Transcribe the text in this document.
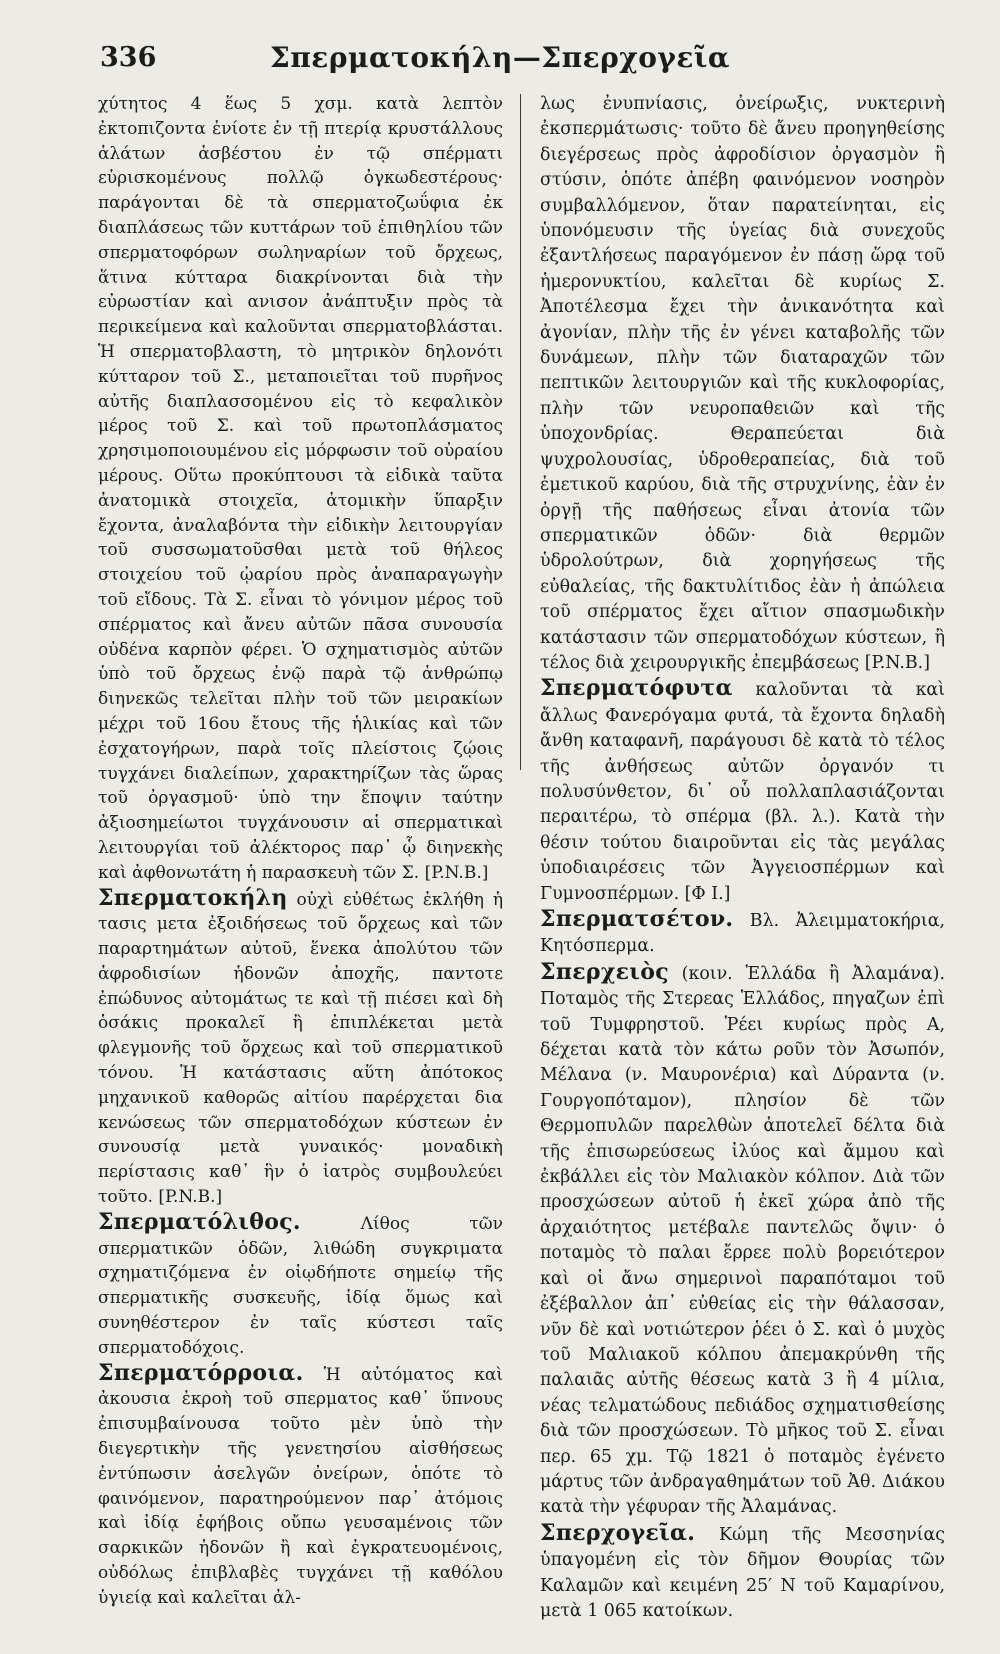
336	Σπερματοκήλη—Σπερχογεῖα

χύτητος 4 ἕως 5 χσμ. κατὰ λεπτὸν ἐκτοπιζοντα ἐνίοτε ἐν τῇ πτερίᾳ κρυστάλλους ἁλάτων ἀσβέστου ἐν τῷ σπέρματι εὑρισκομένους πολλῷ ὀγκωδεστέρους· παράγονται δὲ τὰ σπερματοζωΰφια ἐκ διαπλάσεως τῶν κυττάρων τοῦ ἐπιθηλίου τῶν σπερματοφόρων σωληναρίων τοῦ ὄρχεως, ἅτινα κύτταρα διακρίνονται διὰ τὴν εὐρωστίαν καὶ ανισον ἀνάπτυξιν πρὸς τὰ περικείμενα καὶ καλοῦνται σπερματοβλάσται. Ἡ σπερματοβλαστη, τὸ μητρικὸν δηλονότι κύτταρον τοῦ Σ., μεταποιεῖται τοῦ πυρῆνος αὐτῆς διαπλασσομένου εἰς τὸ κεφαλικὸν μέρος τοῦ Σ. καὶ τοῦ πρωτοπλάσματος χρησιμοποιουμένου εἰς μόρφωσιν τοῦ οὐραίου μέρους. Οὕτω προκύπτουσι τὰ εἰδικὰ ταῦτα ἀνατομικὰ στοιχεῖα, ἀτομικὴν ὕπαρξιν ἔχοντα, ἀναλαβόντα τὴν εἰδικὴν λειτουργίαν τοῦ συσσωματοῦσθαι μετὰ τοῦ θήλεος στοιχείου τοῦ ᾠαρίου πρὸς ἀναπαραγωγὴν τοῦ εἴδους. Τὰ Σ. εἶναι τὸ γόνιμον μέρος τοῦ σπέρματος καὶ ἄνευ αὐτῶν πᾶσα συνουσία οὐδένα καρπὸν φέρει. Ὁ σχηματισμὸς αὐτῶν ὑπὸ τοῦ ὄρχεως ἐνῷ παρὰ τῷ ἀνθρώπῳ διηνεκῶς τελεῖται πλὴν τοῦ τῶν μειρακίων μέχρι τοῦ 16ου ἔτους τῆς ἡλικίας καὶ τῶν ἐσχατογήρων, παρὰ τοῖς πλείστοις ζῴοις τυγχάνει διαλείπων, χαρακτηρίζων τὰς ὥρας τοῦ ὀργασμοῦ· ὑπὸ την ἔποψιν ταύτην ἀξιοσημείωτοι τυγχάνουσιν αἱ σπερματικαὶ λειτουργίαι τοῦ ἀλέκτορος παρ᾽ ᾧ διηνεκὴς καὶ ἀφθονωτάτη ἡ παρασκευὴ τῶν Σ. [P.N.B.]

Σπερματοκήλη οὐχὶ εὐθέτως ἐκλήθη ἡ τασις μετα ἐξοιδήσεως τοῦ ὄρχεως καὶ τῶν παραρτημάτων αὐτοῦ, ἕνεκα ἀπολύτου τῶν ἀφροδισίων ἡδονῶν ἀποχῆς, παντοτε ἐπώδυνος αὐτομάτως τε καὶ τῇ πιέσει καὶ δὴ ὁσάκις προκαλεῖ ἢ ἐπιπλέκεται μετὰ φλεγμονῆς τοῦ ὄρχεως καὶ τοῦ σπερματικοῦ τόνου. Ἡ κατάστασις αὕτη ἀπότοκος μηχανικοῦ καθορῶς αἰτίου παρέρχεται δια κενώσεως τῶν σπερματοδόχων κύστεων ἐν συνουσίᾳ μετὰ γυναικός· μοναδικὴ περίστασις καθ᾽ ἣν ὁ ἰατρὸς συμβουλεύει τοῦτο. [P.N.B.]

Σπερματόλιθος. Λίθος τῶν σπερματικῶν ὁδῶν, λιθώδη συγκριματα σχηματιζόμενα ἐν οἱῳδήποτε σημείῳ τῆς σπερματικῆς συσκευῆς, ἰδίᾳ ὅμως καὶ συνηθέστερον ἐν ταῖς κύστεσι ταῖς σπερματοδόχοις.

Σπερματόρροια. Ἡ αὐτόματος καὶ ἀκουσια ἐκροὴ τοῦ σπερματος καθ᾽ ὕπνους ἐπισυμβαίνουσα τοῦτο μὲν ὑπὸ τὴν διεγερτικὴν τῆς γενετησίου αἰσθήσεως ἐντύπωσιν ἀσελγῶν ὀνείρων, ὁπότε τὸ φαινόμενον, παρατηρούμενον παρ᾽ ἀτόμοις καὶ ἰδίᾳ ἐφήβοις οὔπω γευσαμένοις τῶν σαρκικῶν ἡδονῶν ἢ καὶ ἐγκρατευομένοις, οὐδόλως ἐπιβλαβὲς τυγχάνει τῇ καθόλου ὑγιείᾳ καὶ καλεῖται ἀλ-

λως ἐνυπνίασις, ὀνείρωξις, νυκτερινὴ ἐκσπερμάτωσις· τοῦτο δὲ ἄνευ προηγηθείσης διεγέρσεως πρὸς ἀφροδίσιον ὀργασμὸν ἢ στύσιν, ὁπότε ἀπέβη φαινόμενον νοσηρὸν συμβαλλόμενον, ὅταν παρατείνηται, εἰς ὑπονόμευσιν τῆς ὑγείας διὰ συνεχοῦς ἐξαντλήσεως παραγόμενον ἐν πάσῃ ὥρᾳ τοῦ ἡμερονυκτίου, καλεῖται δὲ κυρίως Σ. Ἀποτέλεσμα ἔχει τὴν ἀνικανότητα καὶ ἀγονίαν, πλὴν τῆς ἐν γένει καταβολῆς τῶν δυνάμεων, πλὴν τῶν διαταραχῶν τῶν πεπτικῶν λειτουργιῶν καὶ τῆς κυκλοφορίας, πλὴν τῶν νευροπαθειῶν καὶ τῆς ὑποχονδρίας. Θεραπεύεται διὰ ψυχρολουσίας, ὑδροθεραπείας, διὰ τοῦ ἐμετικοῦ καρύου, διὰ τῆς στρυχνίνης, ἐὰν ἐν ὀργῇ τῆς παθήσεως εἶναι ἀτονία τῶν σπερματικῶν ὁδῶν· διὰ θερμῶν ὑδρολούτρων, διὰ χορηγήσεως τῆς εὐθαλείας, τῆς δακτυλίτιδος ἐὰν ἡ ἀπώλεια τοῦ σπέρματος ἔχει αἴτιον σπασμωδικὴν κατάστασιν τῶν σπερματοδόχων κύστεων, ἢ τέλος διὰ χειρουργικῆς ἐπεμβάσεως [P.N.B.]

Σπερματόφυτα καλοῦνται τὰ καὶ ἄλλως Φανερόγαμα φυτά, τὰ ἔχοντα δηλαδὴ ἄνθη καταφανῆ, παράγουσι δὲ κατὰ τὸ τέλος τῆς ἀνθήσεως αὐτῶν ὀργανόν τι πολυσύνθετον, δι᾽ οὗ πολλαπλασιάζονται περαιτέρω, τὸ σπέρμα (βλ. λ.). Κατὰ τὴν θέσιν τούτου διαιροῦνται εἰς τὰς μεγάλας ὑποδιαιρέσεις τῶν Ἀγγειοσπέρμων καὶ Γυμνοσπέρμων. [Φ Ι.]

Σπερματσέτον. Βλ. Ἀλειμματοκήρια, Κητόσπερμα.

Σπερχειὸς (κοιν. Ἑλλάδα ἢ Ἀλαμάνα). Ποταμὸς τῆς Στερεας Ἑλλάδος, πηγαζων ἐπὶ τοῦ Τυμφρηστοῦ. Ῥέει κυρίως πρὸς Α, δέχεται κατὰ τὸν κάτω ροῦν τὸν Ἀσωπόν, Μέλανα (ν. Μαυρονέρια) καὶ Δύραντα (ν. Γουργοπόταμον), πλησίον δὲ τῶν Θερμοπυλῶν παρελθὼν ἀποτελεῖ δέλτα διὰ τῆς ἐπισωρεύσεως ἰλύος καὶ ἄμμου καὶ ἐκβάλλει εἰς τὸν Μαλιακὸν κόλπον. Διὰ τῶν προσχώσεων αὐτοῦ ἡ ἐκεῖ χώρα ἀπὸ τῆς ἀρχαιότητος μετέβαλε παντελῶς ὄψιν· ὁ ποταμὸς τὸ παλαι ἔρρεε πολὺ βορειότερον καὶ οἱ ἄνω σημερινοὶ παραπόταμοι τοῦ ἐξέβαλλον ἀπ᾽ εὐθείας εἰς τὴν θάλασσαν, νῦν δὲ καὶ νοτιώτερον ῥέει ὁ Σ. καὶ ὁ μυχὸς τοῦ Μαλιακοῦ κόλπου ἀπεμακρύνθη τῆς παλαιᾶς αὐτῆς θέσεως κατὰ 3 ἢ 4 μίλια, νέας τελματώδους πεδιάδος σχηματισθείσης διὰ τῶν προσχώσεων. Τὸ μῆκος τοῦ Σ. εἶναι περ. 65 χμ. Τῷ 1821 ὁ ποταμὸς ἐγένετο μάρτυς τῶν ἀνδραγαθημάτων τοῦ Ἀθ. Διάκου κατὰ τὴν γέφυραν τῆς Ἀλαμάνας.

Σπερχογεῖα. Κώμη τῆς Μεσσηνίας ὑπαγομένη εἰς τὸν δῆμον Θουρίας τῶν Καλαμῶν καὶ κειμένη 25′ Ν τοῦ Καμαρίνου, μετὰ 1 065 κατοίκων.
